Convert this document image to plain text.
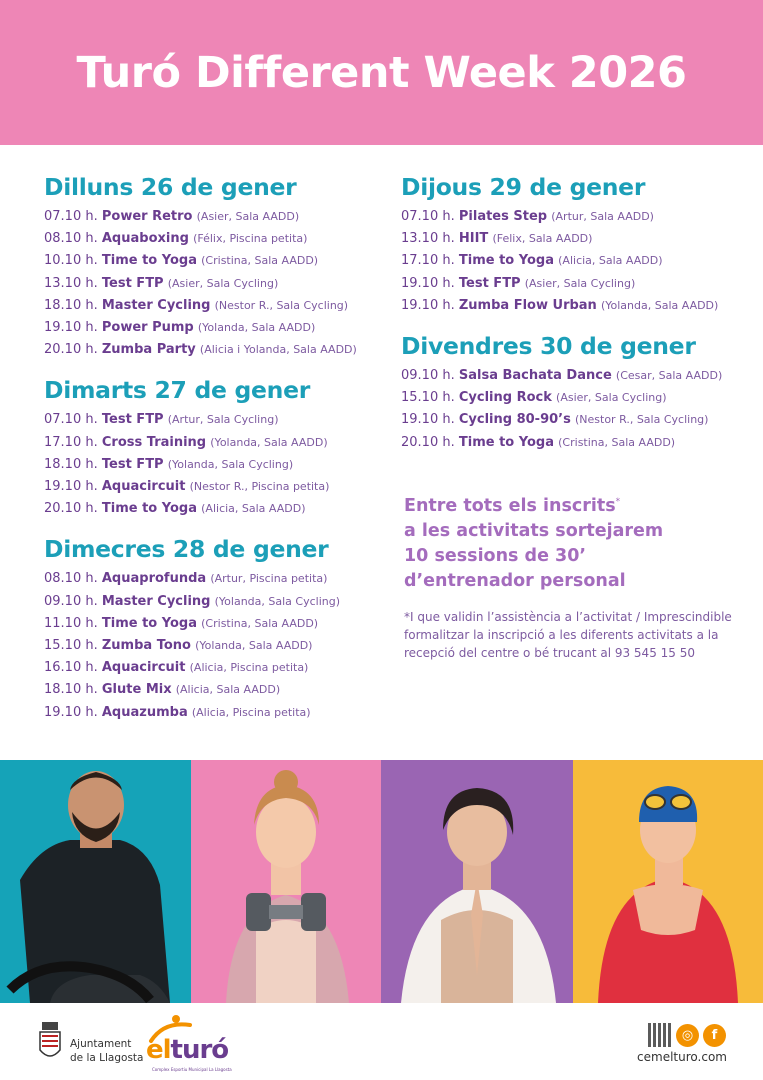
Turó Different Week 2026
Dilluns 26 de gener
07.10 h. Power Retro (Asier, Sala AADD)
08.10 h. Aquaboxing (Félix, Piscina petita)
10.10 h. Time to Yoga (Cristina, Sala AADD)
13.10 h. Test FTP (Asier, Sala Cycling)
18.10 h. Master Cycling (Nestor R., Sala Cycling)
19.10 h. Power Pump (Yolanda, Sala AADD)
20.10 h. Zumba Party (Alicia i Yolanda, Sala AADD)
Dimarts 27 de gener
07.10 h. Test FTP (Artur, Sala Cycling)
17.10 h. Cross Training (Yolanda, Sala AADD)
18.10 h. Test FTP (Yolanda, Sala Cycling)
19.10 h. Aquacircuit (Nestor R., Piscina petita)
20.10 h. Time to Yoga (Alicia, Sala AADD)
Dimecres 28 de gener
08.10 h. Aquaprofunda (Artur, Piscina petita)
09.10 h. Master Cycling (Yolanda, Sala Cycling)
11.10 h. Time to Yoga (Cristina, Sala AADD)
15.10 h. Zumba Tono (Yolanda, Sala AADD)
16.10 h. Aquacircuit (Alicia, Piscina petita)
18.10 h. Glute Mix (Alicia, Sala AADD)
19.10 h. Aquazumba (Alicia, Piscina petita)
Dijous 29 de gener
07.10 h. Pilates Step (Artur, Sala AADD)
13.10 h. HIIT (Felix, Sala AADD)
17.10 h. Time to Yoga (Alicia, Sala AADD)
19.10 h. Test FTP (Asier, Sala Cycling)
19.10 h. Zumba Flow Urban (Yolanda, Sala AADD)
Divendres 30 de gener
09.10 h. Salsa Bachata Dance (Cesar, Sala AADD)
15.10 h. Cycling Rock (Asier, Sala Cycling)
19.10 h. Cycling 80-90’s (Nestor R., Sala Cycling)
20.10 h. Time to Yoga (Cristina, Sala AADD)

Entre tots els inscrits*
a les activitats sortejarem
10 sessions de 30’
d’entrenador personal

*I que validin l’assistència a l’activitat / Imprescindible formalitzar la inscripció a les diferents activitats a la recepció del centre o bé trucant al 93 545 15 50
Ajuntament
de la Llagosta elturó
Complex Esportiu Municipal La Llagosta
◎	f
cemelturo.com
